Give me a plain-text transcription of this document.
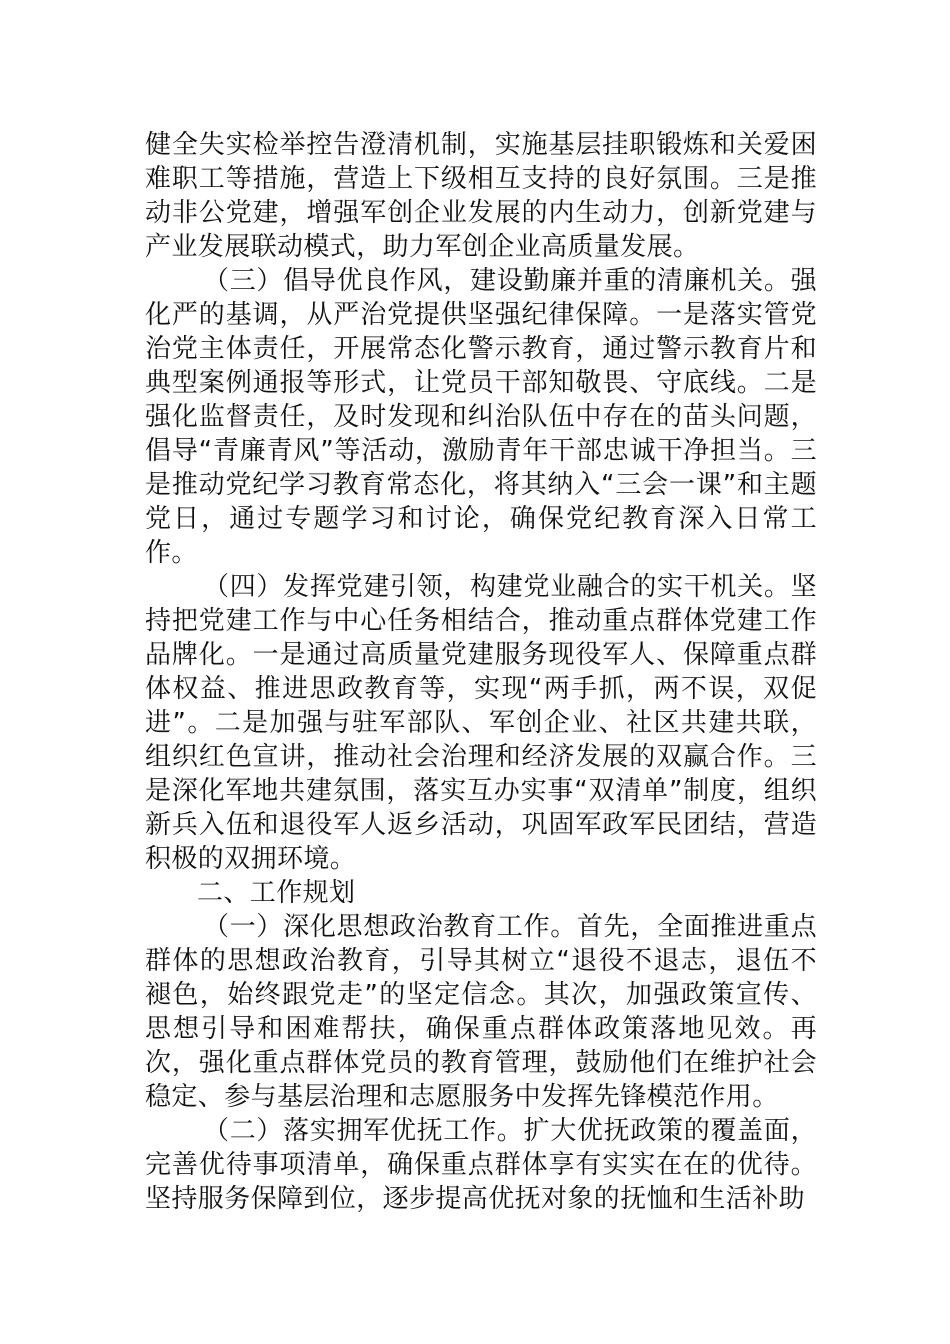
健全失实检举控告澄清机制，实施基层挂职锻炼和关爱困难职工等措施，营造上下级相互支持的良好氛围。三是推动非公党建，增强军创企业发展的内生动力，创新党建与产业发展联动模式，助力军创企业高质量发展。

（三）倡导优良作风，建设勤廉并重的清廉机关。强化严的基调，从严治党提供坚强纪律保障。一是落实管党治党主体责任，开展常态化警示教育，通过警示教育片和典型案例通报等形式，让党员干部知敬畏、守底线。二是强化监督责任，及时发现和纠治队伍中存在的苗头问题，倡导“青廉青风”等活动，激励青年干部忠诚干净担当。三是推动党纪学习教育常态化，将其纳入“三会一课”和主题党日，通过专题学习和讨论，确保党纪教育深入日常工作。

（四）发挥党建引领，构建党业融合的实干机关。坚持把党建工作与中心任务相结合，推动重点群体党建工作品牌化。一是通过高质量党建服务现役军人、保障重点群体权益、推进思政教育等，实现“两手抓，两不误，双促进”。二是加强与驻军部队、军创企业、社区共建共联，组织红色宣讲，推动社会治理和经济发展的双赢合作。三是深化军地共建氛围，落实互办实事“双清单”制度，组织新兵入伍和退役军人返乡活动，巩固军政军民团结，营造积极的双拥环境。

二、工作规划

（一）深化思想政治教育工作。首先，全面推进重点群体的思想政治教育，引导其树立“退役不退志，退伍不褪色，始终跟党走”的坚定信念。其次，加强政策宣传、思想引导和困难帮扶，确保重点群体政策落地见效。再次，强化重点群体党员的教育管理，鼓励他们在维护社会稳定、参与基层治理和志愿服务中发挥先锋模范作用。

（二）落实拥军优抚工作。扩大优抚政策的覆盖面，完善优待事项清单，确保重点群体享有实实在在的优待。坚持服务保障到位，逐步提高优抚对象的抚恤和生活补助
